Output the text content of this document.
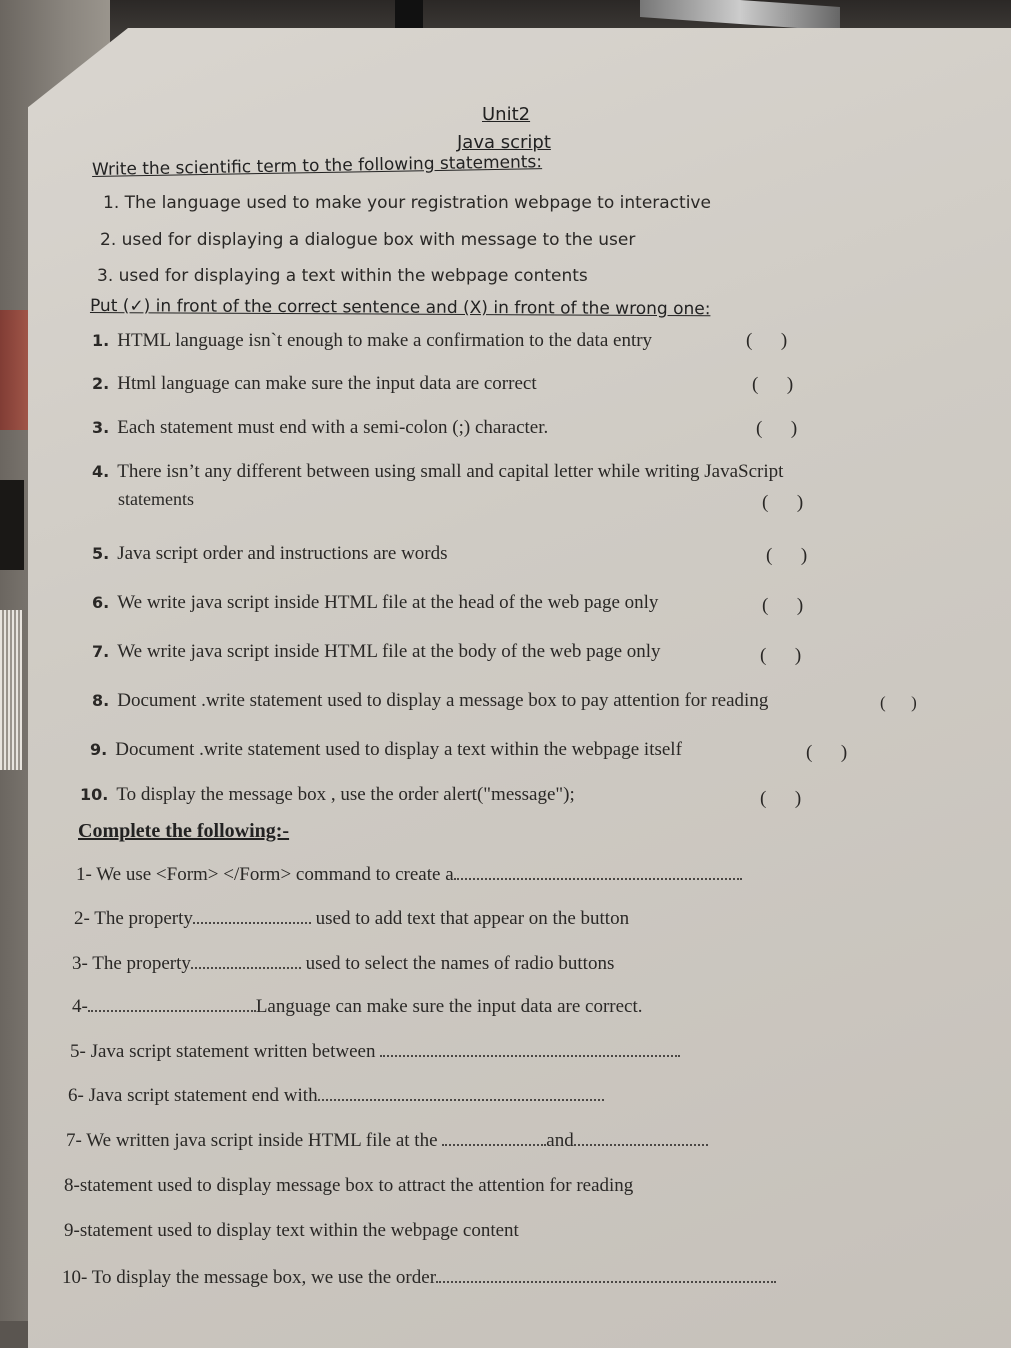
Unit2
Java script
Write the scientific term to the following statements:
1. The language used to make your registration webpage to interactive
2. used for displaying a dialogue box with message to the user
3. used for displaying a text within the webpage contents
Put (✓) in front of the correct sentence and (X) in front of the wrong one:
1. HTML language isn`t enough to make a confirmation to the data entry	(      )
2. Html language can make sure the input data are correct	(      )
3. Each statement must end with a semi-colon (;) character.	(      )
4. There isn’t any different between using small and capital letter while writing JavaScript
statements	(      )
5. Java script order and instructions are words	(      )
6. We write java script inside HTML file at the head of the web page only	(      )
7. We write java script inside HTML file at the body of the web page only	(      )
8. Document .write statement used to display a message box to pay attention for reading	(      )
9. Document .write statement used to display a text within the webpage itself	(      )
10. To display the message box , use the order alert("message");	(      )
Complete the following:-
1- We use <Form> </Form> command to create a
2- The property	used to add text that appear on the button
3- The property	used to select the names of radio buttons
4-	Language can make sure the input data are correct.
5- Java script statement written between
6- Java script statement end with
7- We written java script inside HTML file at the	and
8-statement used to display message box to attract the attention for reading
9-statement used to display text within the webpage content
10- To display the message box, we use the order
